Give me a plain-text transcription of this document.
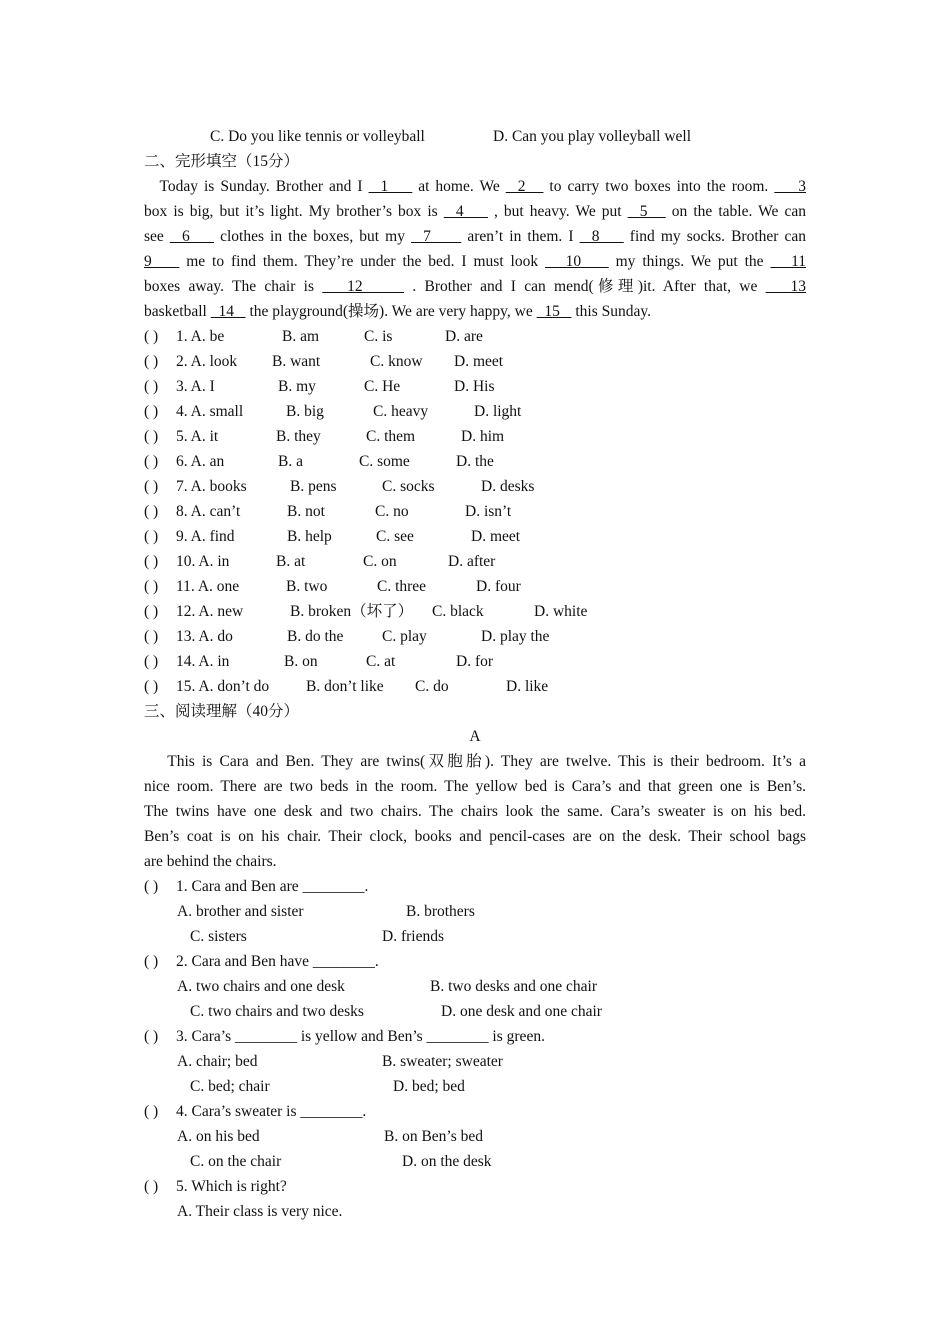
C. Do you like tennis or volleyball	D. Can you play volleyball well
二、完形填空（15分）
 Today is Sunday. Brother and I   1     at home. We   2    to carry two boxes into the room.     3
box is big, but it’s light. My brother’s box is   4     , but heavy. We put   5    on the table. We can
see   6     clothes in the boxes, but my   7      aren’t in them. I   8     find my socks. Brother can
9     me to find them. They’re under the bed. I must look    10     my things. We put the    11
boxes away. The chair is    12      . Brother and I can mend(修理)it. After that, we    13
basketball   14    the playground(操场). We are very happy, we   15    this Sunday.
( ) 1. A. be	B. am	C. is	D. are
( ) 2. A. look B. want	C. know D. meet
( ) 3. A. I	B. my	C. He	D. His
( ) 4. A. small	B. big	C. heavy	D. light
( ) 5. A. it	B. they	C. them	D. him
( ) 6. A. an	B. a	C. some	D. the
( ) 7. A. books	B. pens	C. socks	D. desks
( ) 8. A. can’t	B. not	C. no	D. isn’t
( ) 9. A. find	B. help	C. see	D. meet
( ) 10. A. in	B. at	C. on	D. after
( ) 11. A. one	B. two	C. three	D. four
( ) 12. A. new	B. broken（坏了） C. black	D. white
( ) 13. A. do	B. do the C. play	D. play the
( ) 14. A. in	B. on	C. at	D. for
( ) 15. A. don’t do B. don’t like C. do	D. like
三、阅读理解（40分）
A
  This is Cara and Ben. They are twins(双胞胎). They are twelve. This is their bedroom. It’s a
nice room. There are two beds in the room. The yellow bed is Cara’s and that green one is Ben’s.
The twins have one desk and two chairs. The chairs look the same. Cara’s sweater is on his bed.
Ben’s coat is on his chair. Their clock, books and pencil-cases are on the desk. Their school bags
are behind the chairs.
( ) 1. Cara and Ben are ________.
A. brother and sister	B. brothers
C. sisters	D. friends
( ) 2. Cara and Ben have ________.
A. two chairs and one desk	B. two desks and one chair
C. two chairs and two desks	D. one desk and one chair
( ) 3. Cara’s ________ is yellow and Ben’s ________ is green.
A. chair; bed	B. sweater; sweater
C. bed; chair	D. bed; bed
( ) 4. Cara’s sweater is ________.
A. on his bed	B. on Ben’s bed
C. on the chair	D. on the desk
( ) 5. Which is right?
A. Their class is very nice.
